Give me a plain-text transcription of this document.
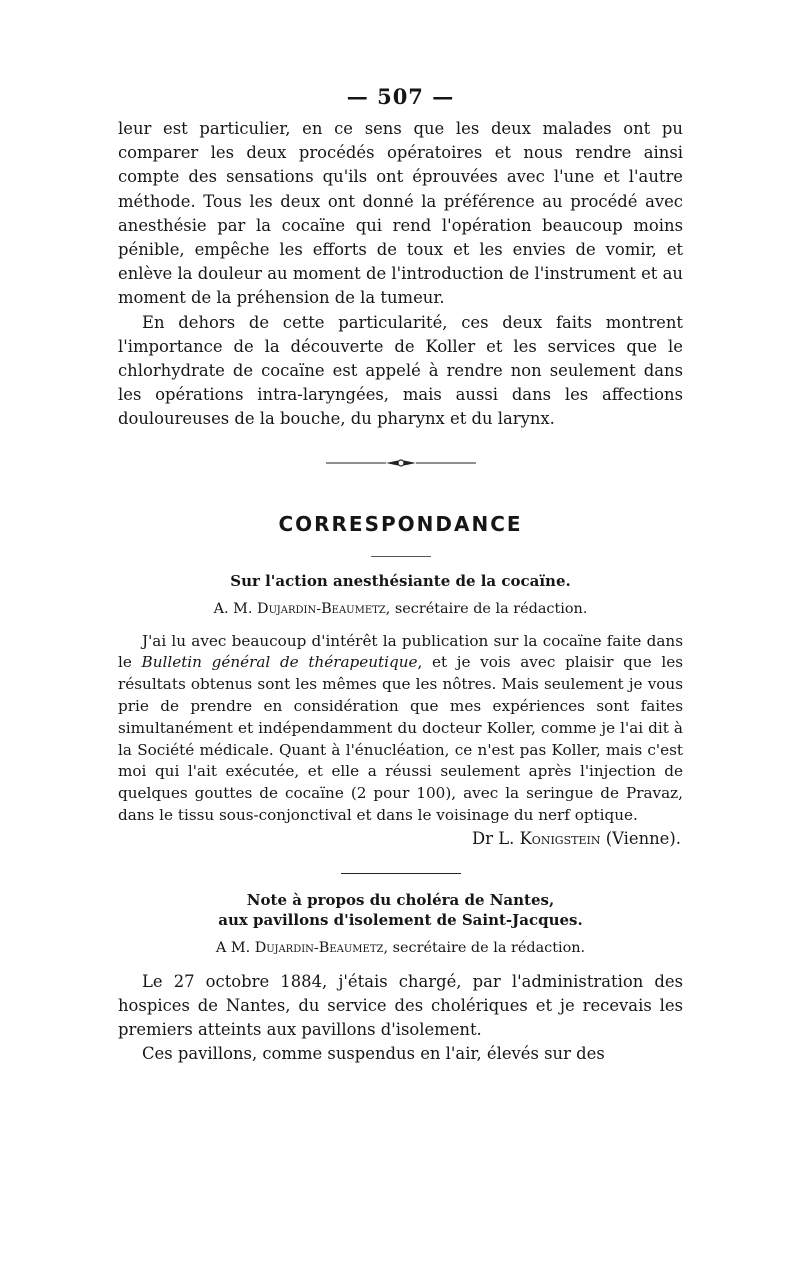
— 507 —

leur est particulier, en ce sens que les deux malades ont pu comparer les deux procédés opératoires et nous rendre ainsi compte des sensations qu'ils ont éprouvées avec l'une et l'autre méthode. Tous les deux ont donné la préférence au procédé avec anesthésie par la cocaïne qui rend l'opération beaucoup moins pénible, empêche les efforts de toux et les envies de vomir, et enlève la douleur au moment de l'introduction de l'instrument et au moment de la préhension de la tumeur.

En dehors de cette particularité, ces deux faits montrent l'importance de la découverte de Koller et les services que le chlorhydrate de cocaïne est appelé à rendre non seulement dans les opérations intra-laryngées, mais aussi dans les affections douloureuses de la bouche, du pharynx et du larynx.

CORRESPONDANCE

Sur l'action anesthésiante de la cocaïne.

A. M. Dujardin-Beaumetz, secrétaire de la rédaction.

J'ai lu avec beaucoup d'intérêt la publication sur la cocaïne faite dans le Bulletin général de thérapeutique, et je vois avec plaisir que les résultats obtenus sont les mêmes que les nôtres. Mais seulement je vous prie de prendre en considération que mes expériences sont faites simultanément et indépendamment du docteur Koller, comme je l'ai dit à la Société médicale. Quant à l'énucléation, ce n'est pas Koller, mais c'est moi qui l'ait exécutée, et elle a réussi seulement après l'injection de quelques gouttes de cocaïne (2 pour 100), avec la seringue de Pravaz, dans le tissu sous-conjonctival et dans le voisinage du nerf optique.

Dr L. Konigstein (Vienne).

Note à propos du choléra de Nantes,

aux pavillons d'isolement de Saint-Jacques.

A M. Dujardin-Beaumetz, secrétaire de la rédaction.

Le 27 octobre 1884, j'étais chargé, par l'administration des hospices de Nantes, du service des cholériques et je recevais les premiers atteints aux pavillons d'isolement.

Ces pavillons, comme suspendus en l'air, élevés sur des
